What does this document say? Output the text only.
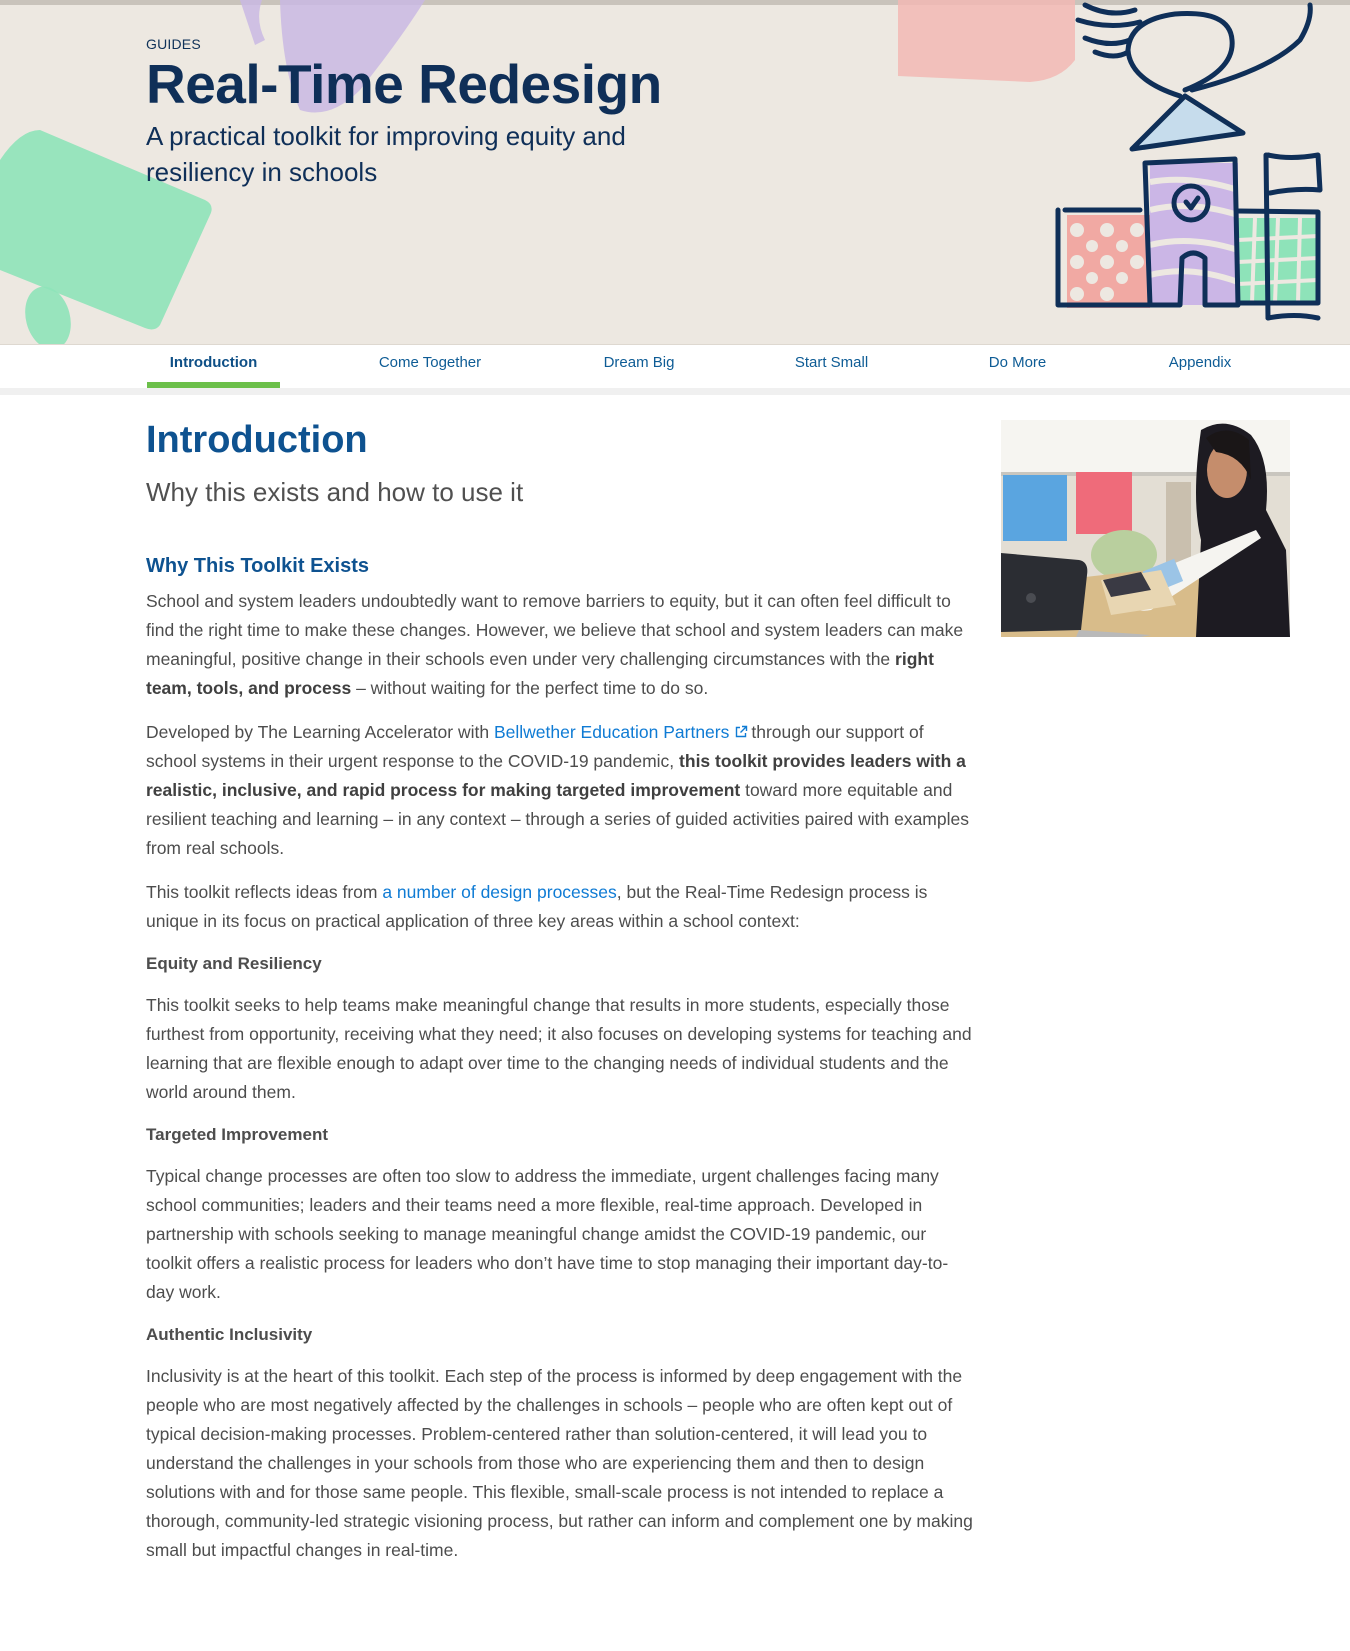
GUIDES
Real-Time Redesign
A practical toolkit for improving equity and resiliency in schools
Introduction	Come Together	Dream Big	Start Small	Do More	Appendix
Introduction
Why this exists and how to use it
Why This Toolkit Exists

School and system leaders undoubtedly want to remove barriers to equity, but it can often feel difficult to find the right time to make these changes. However, we believe that school and system leaders can make meaningful, positive change in their schools even under very challenging circumstances with the right team, tools, and process – without waiting for the perfect time to do so.

Developed by The Learning Accelerator with Bellwether Education Partners through our support of school systems in their urgent response to the COVID-19 pandemic, this toolkit provides leaders with a realistic, inclusive, and rapid process for making targeted improvement toward more equitable and resilient teaching and learning – in any context – through a series of guided activities paired with examples from real schools.

This toolkit reflects ideas from a number of design processes, but the Real-Time Redesign process is unique in its focus on practical application of three key areas within a school context:

Equity and Resiliency

This toolkit seeks to help teams make meaningful change that results in more students, especially those furthest from opportunity, receiving what they need; it also focuses on developing systems for teaching and learning that are flexible enough to adapt over time to the changing needs of individual students and the world around them.

Targeted Improvement

Typical change processes are often too slow to address the immediate, urgent challenges facing many school communities; leaders and their teams need a more flexible, real-time approach. Developed in partnership with schools seeking to manage meaningful change amidst the COVID-19 pandemic, our toolkit offers a realistic process for leaders who don’t have time to stop managing their important day-to-day work.

Authentic Inclusivity

Inclusivity is at the heart of this toolkit. Each step of the process is informed by deep engagement with the people who are most negatively affected by the challenges in schools – people who are often kept out of typical decision-making processes. Problem-centered rather than solution-centered, it will lead you to understand the challenges in your schools from those who are experiencing them and then to design solutions with and for those same people. This flexible, small-scale process is not intended to replace a thorough, community-led strategic visioning process, but rather can inform and complement one by making small but impactful changes in real-time.
